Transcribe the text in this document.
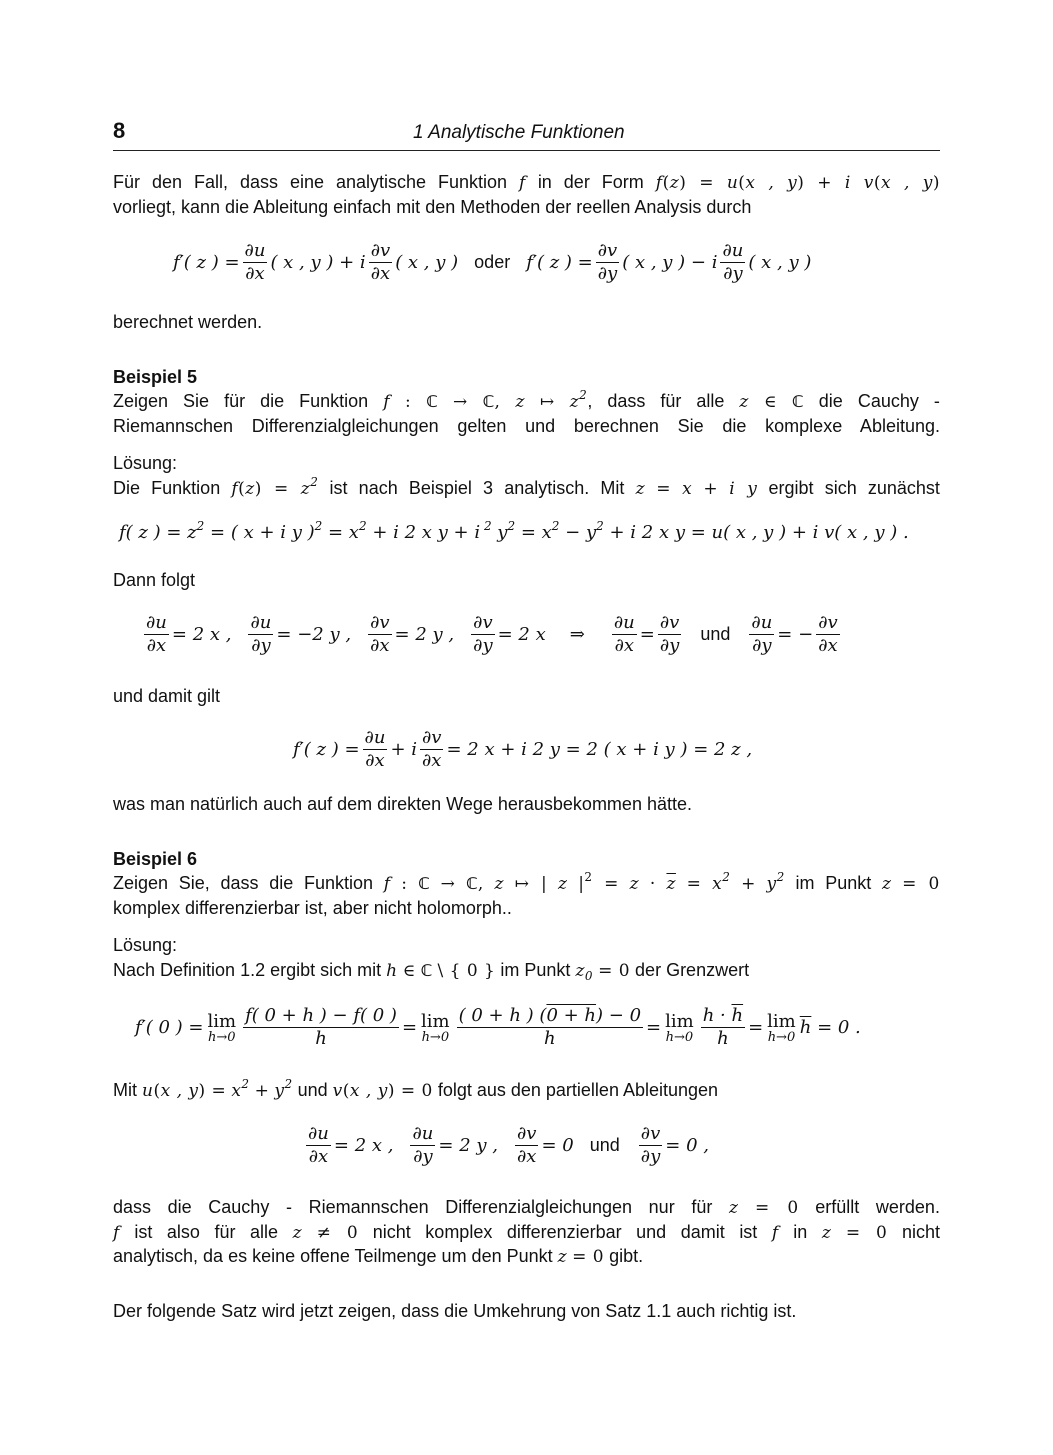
8	1 Analytische Funktionen
Für den Fall, dass eine analytische Funktion f in der Form f(z) = u(x , y) + i v(x , y)
vorliegt, kann die Ableitung einfach mit den Methoden der reellen Analysis durch
f′( z ) = $\frac{\partial u}{\partial x}$ ( x , y ) + i
∂v
∂x
( x , y ) oder f′( z ) = $\frac{\partial v}{\partial y}$ ( x , y ) − i
∂u
∂y
( x , y )
berechnet werden.
Beispiel 5
Zeigen Sie für die Funktion f : ℂ → ℂ, z ↦ $z^2$, dass für alle z ∈ ℂ die Cauchy -
Riemannschen Differenzialgleichungen gelten und berechnen Sie die komplexe Ableitung.
Lösung:
Die Funktion $f(z) = z^2$ ist nach Beispiel 3 analytisch. Mit z = x + i y ergibt sich zunächst
f( z ) = $z^2$ = ( x + i y )$^2 = x^2 + i$ 2 x y + i $^2$ $y^2 = x^2 - y^2 + i$ 2 x y = u( x , y ) + i v( x , y ) .
Dann folgt
$\frac{\partial u}{\partial x} = 2$ x , $\frac{\partial u}{\partial y} = -2$ y , $\frac{\partial v}{\partial x} = 2$ y , $\frac{\partial v}{\partial y} = 2$ x ⇒ $\frac{\partial u}{\partial x} = \frac{\partial v}{\partial y}$ und $\frac{\partial u}{\partial y}$ = − $\frac{\partial v}{\partial x}$
und damit gilt
f′( z ) = $\frac{\partial u}{\partial x} + i \frac{\partial v}{\partial x} = 2$ x + i 2 y = 2 ( x + i y ) = 2 z ,
was man natürlich auch auf dem direkten Wege herausbekommen hätte.
Beispiel 6
Zeigen Sie, dass die Funktion f : ℂ → ℂ, z ↦ | z $|^2 = z \cdot \overline{z} = x^2 + y^2$ im Punkt z = 0
komplex differenzierbar ist, aber nicht holomorph..
Lösung:
Nach Definition 1.2 ergibt sich mit h ∈ ℂ \ { 0 } im Punkt $z_0 = 0$ der Grenzwert
f′( 0 ) = lim
$h\to 0 \frac{f( 0 + h ) - f( 0 )}{h} = \lim$
$h\to 0 \frac{( 0 + h ) (0 + h) - 0}{h} = \lim$
$h\to 0 \frac{h \cdot \overline{h}}{h} = \lim$
h→0 $\overline{h} = 0$ .
Mit u(x , $y) = x^2 + y^2$ und v(x , y) = 0 folgt aus den partiellen Ableitungen
$\frac{\partial u}{\partial x} = 2$ x , $\frac{\partial u}{\partial y} = 2$ y , $\frac{\partial v}{\partial x} = 0$ und $\frac{\partial v}{\partial y} = 0$ ,
dass die Cauchy - Riemannschen Differenzialgleichungen nur für z = 0 erfüllt werden.
f ist also für alle z ≠ 0 nicht komplex differenzierbar und damit ist f in z = 0 nicht
analytisch, da es keine offene Teilmenge um den Punkt z = 0 gibt.
Der folgende Satz wird jetzt zeigen, dass die Umkehrung von Satz 1.1 auch richtig ist.
